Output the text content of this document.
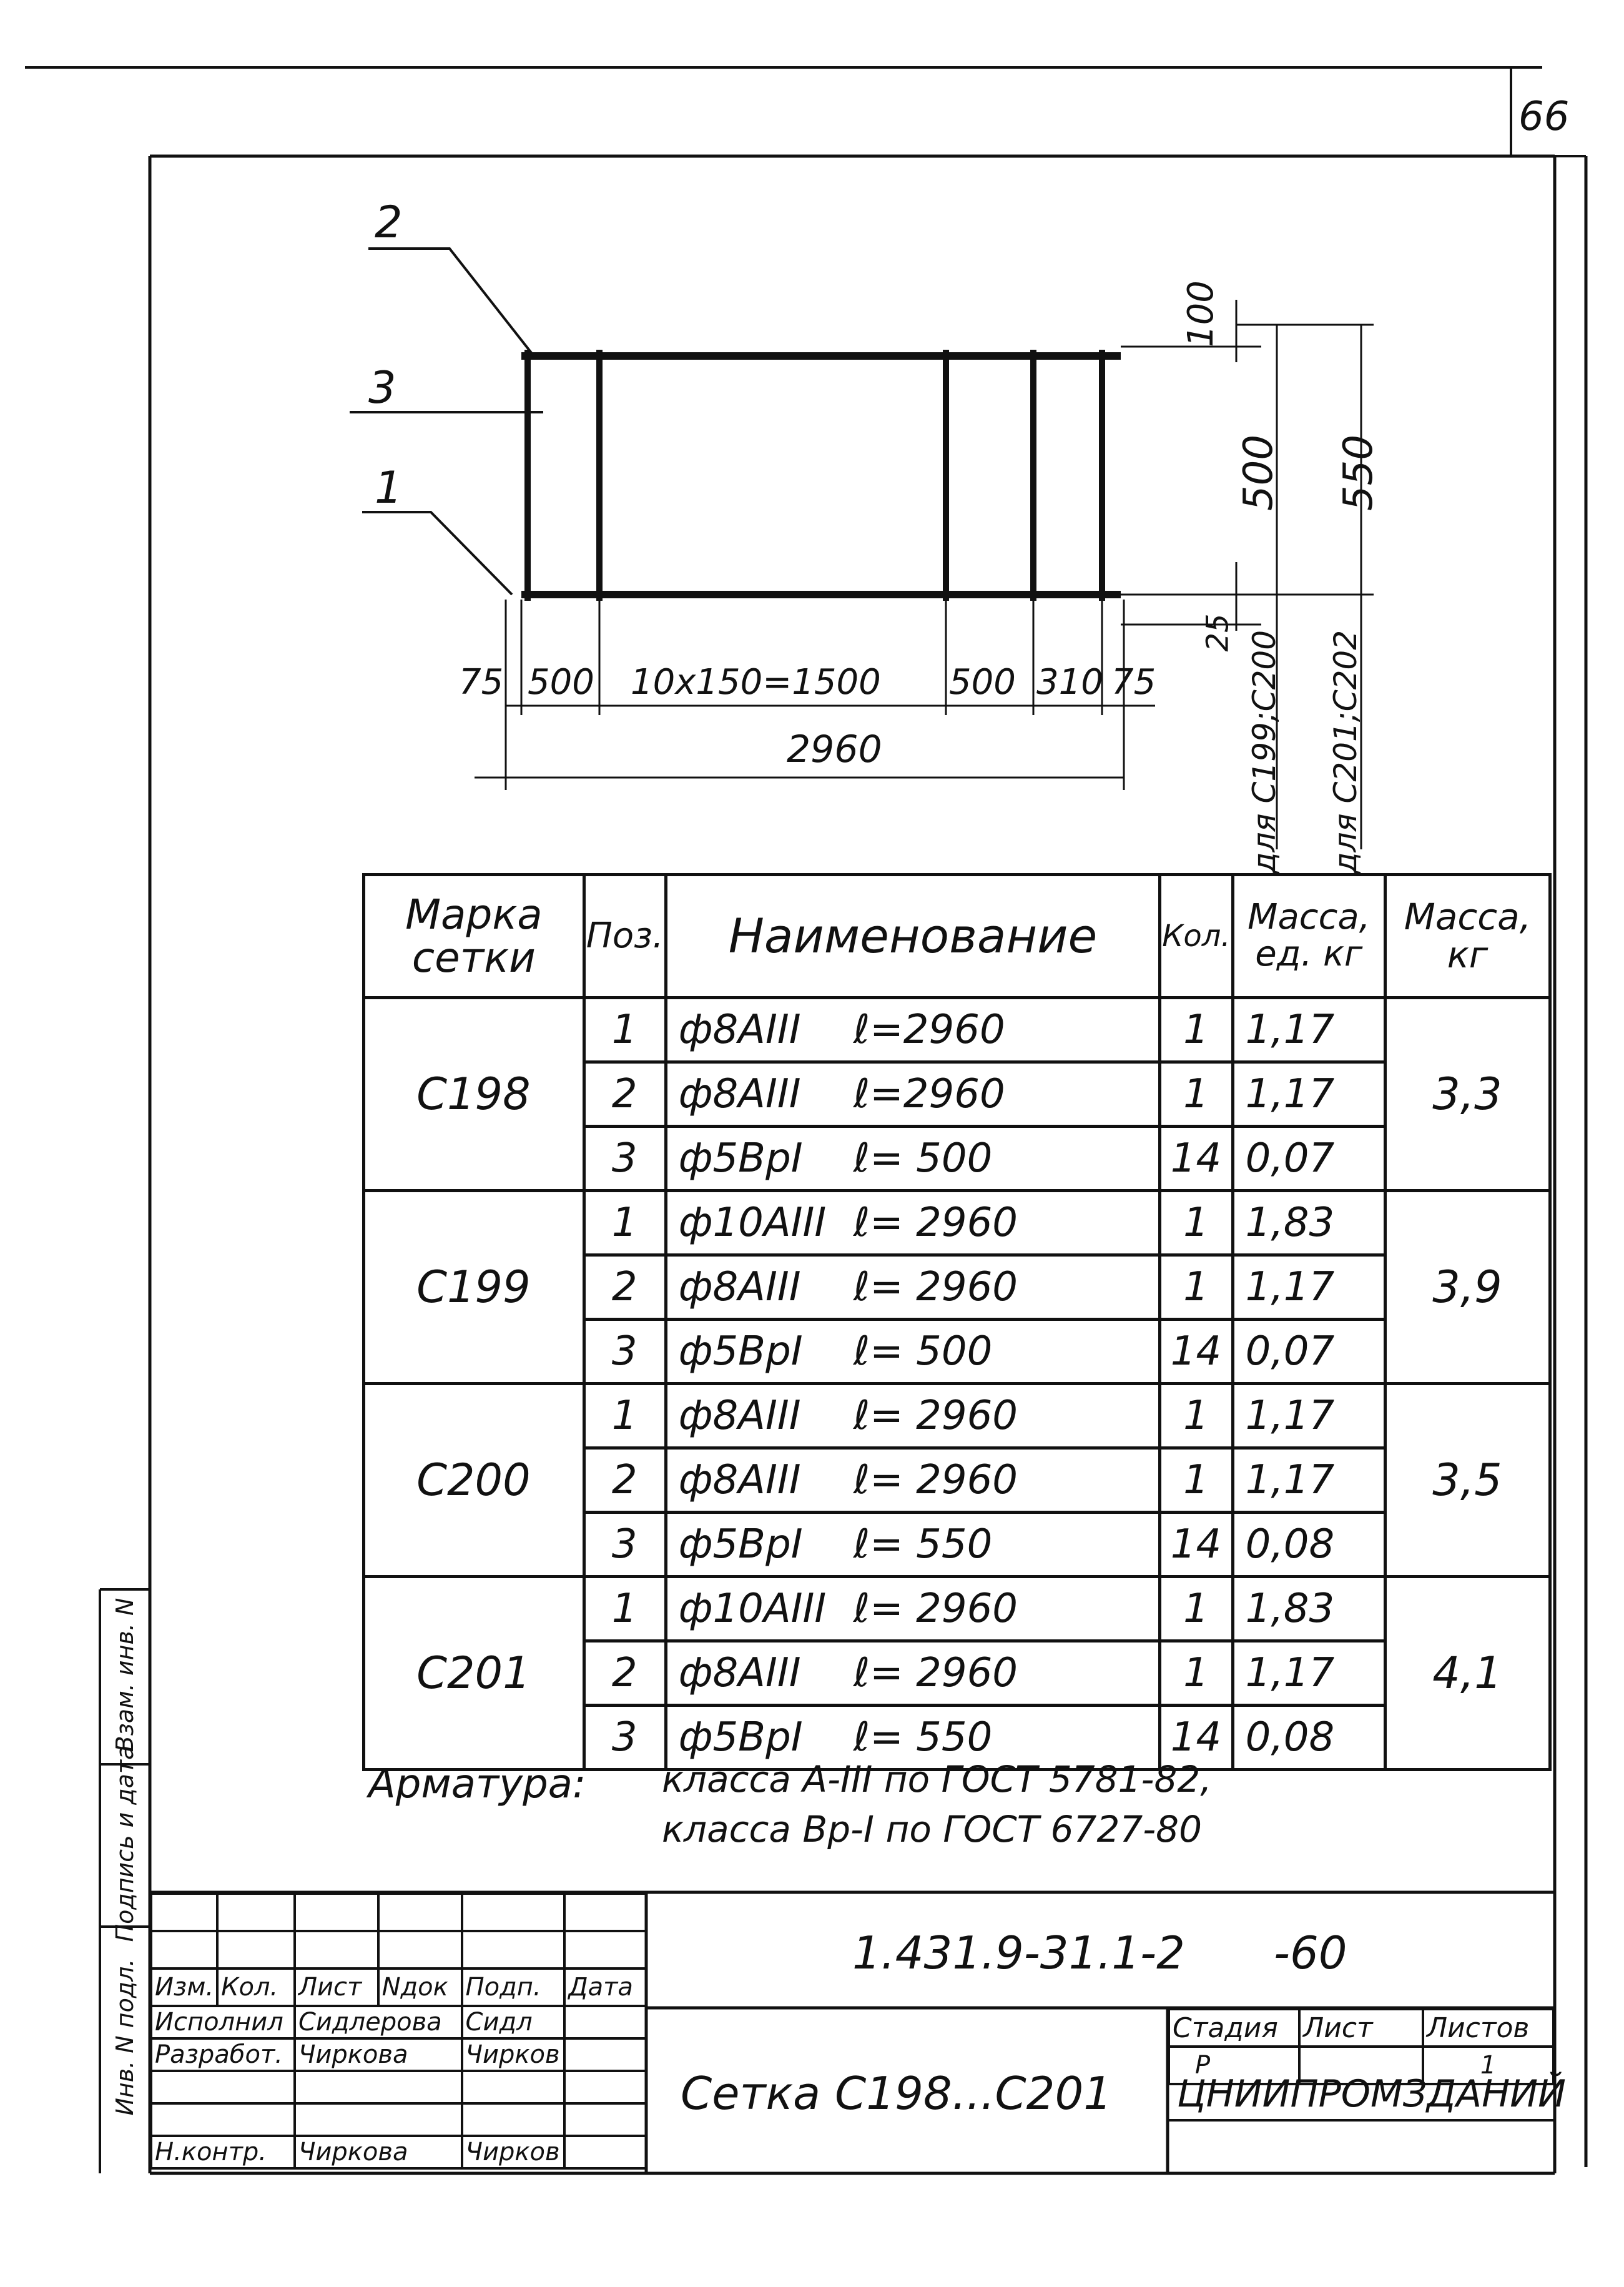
66
2
3
1
100
500 550
25 для С199;С200 для С201;С202
75 500 10x150=1500 500 310 75
2960
Марка сетки	Поз.	Наименование	Кол.	Масса, ед. кг	Масса, кг
С198	1	ф8АIII ℓ=2960	1	1,17	3,3
	2	ф8АIII ℓ=2960	1	1,17	
	3	ф5ВрI ℓ= 500	14	0,07	
С199	1	ф10АIII ℓ= 2960	1	1,83	3,9
	2	ф8АIII ℓ= 2960	1	1,17	
	3	ф5ВрI ℓ= 500	14	0,07	
С200	1	ф8АIII ℓ= 2960	1	1,17	3,5
	2	ф8АIII ℓ= 2960	1	1,17	
	3	ф5ВрI ℓ= 550	14	0,08	
С201	1	ф10АIII ℓ= 2960	1	1,83	4,1
	2	ф8АIII ℓ= 2960	1	1,17	
	3	ф5ВрI ℓ= 550	14	0,08	
Арматура: класса А-III по ГОСТ 5781-82,
класса Вр-I по ГОСТ 6727-80
Инв. N подл.
Подпись и дата
Взам. инв. N

Изм.	Кол.	Лист	Nдок	Подп.	Дата
Исполнил		Сидлерова		Сидл	
Разработ.		Чиркова		Чирков	

Н.контр.		Чиркова		Чирков	
1.431.9-31.1-2 -60
Сетка С198...С201
Стадия	Лист	Листов
Р		1
ЦНИИПРОМЗДАНИЙ
